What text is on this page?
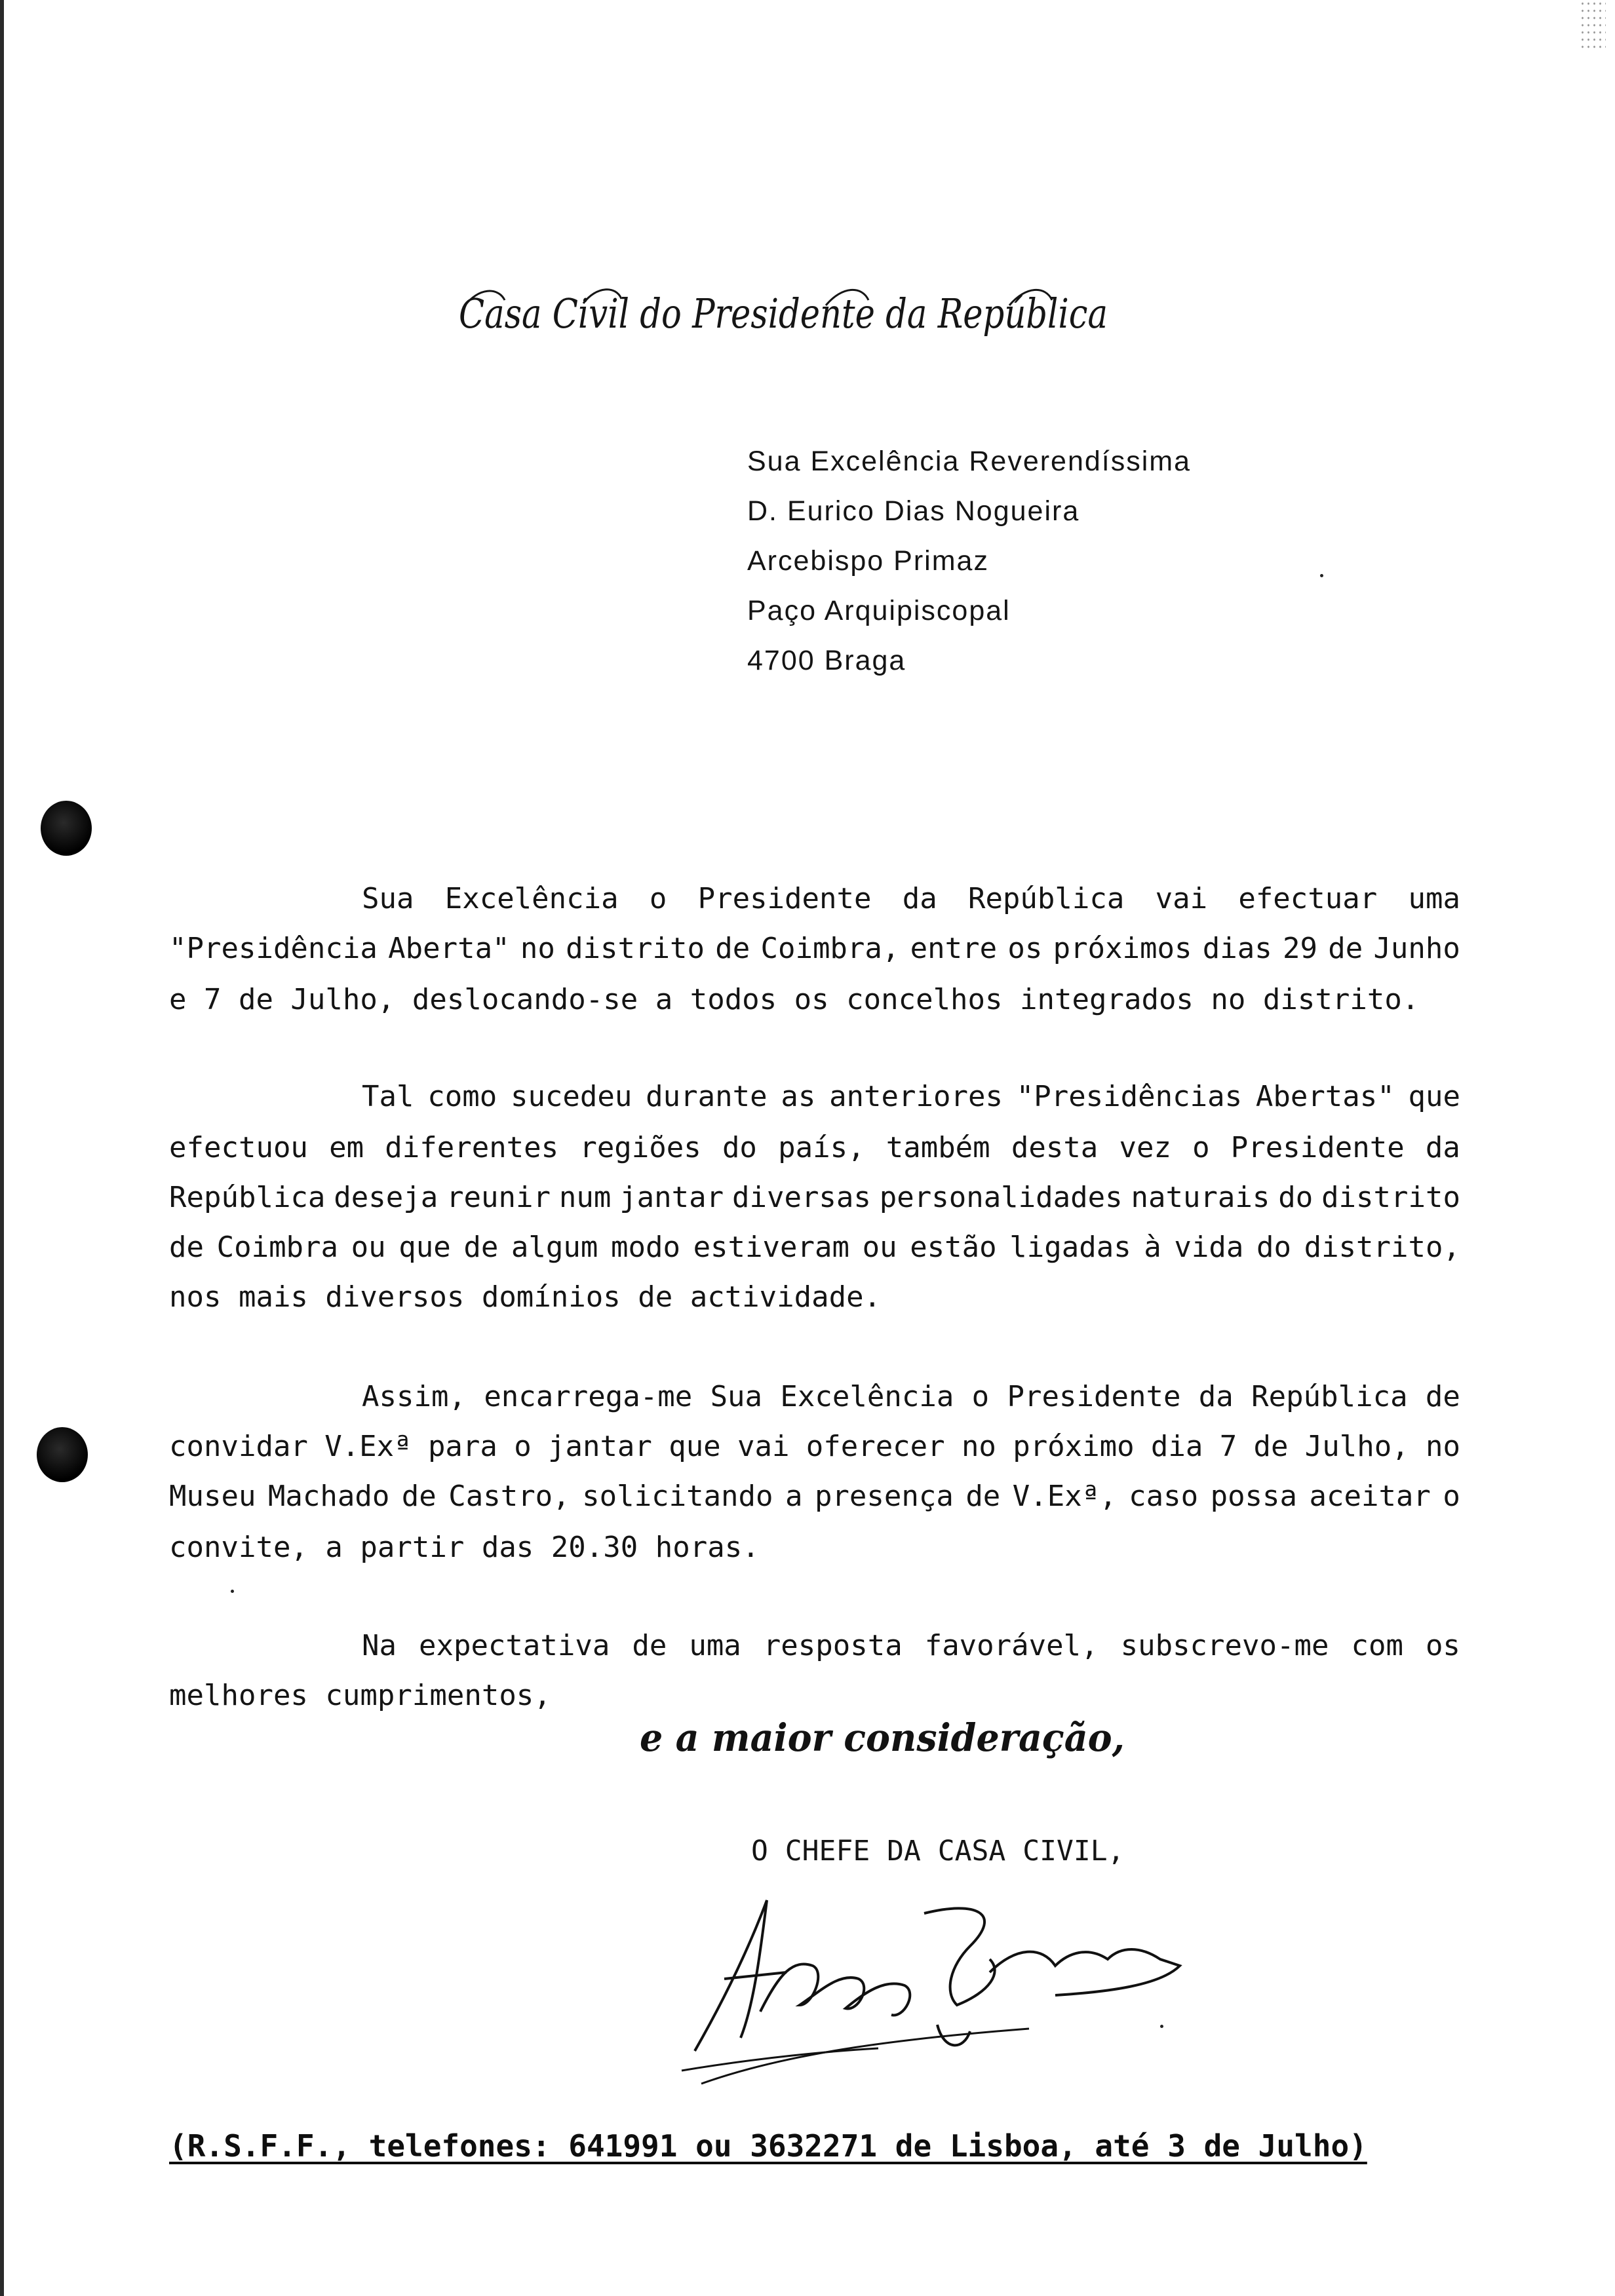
Casa Civil do Presidente da República
Sua Excelência Reverendíssima
D. Eurico Dias Nogueira
Arcebispo Primaz
Paço Arquipiscopal
4700 Braga
Sua Excelência o Presidente da República vai efectuar uma
"Presidência Aberta" no distrito de Coimbra, entre os próximos dias 29 de Junho
e 7 de Julho, deslocando-se a todos os concelhos integrados no distrito.
Tal como sucedeu durante as anteriores "Presidências Abertas" que
efectuou em diferentes regiões do país, também desta vez o Presidente da
República deseja reunir num jantar diversas personalidades naturais do distrito
de Coimbra ou que de algum modo estiveram ou estão ligadas à vida do distrito,
nos mais diversos domínios de actividade.
Assim, encarrega-me Sua Excelência o Presidente da República de
convidar V.Exª para o jantar que vai oferecer no próximo dia 7 de Julho, no
Museu Machado de Castro, solicitando a presença de V.Exª, caso possa aceitar o
convite, a partir das 20.30 horas.
Na expectativa de uma resposta favorável, subscrevo-me com os
melhores cumprimentos,
e a maior consideração,
O CHEFE DA CASA CIVIL,
(R.S.F.F., telefones: 641991 ou 3632271 de Lisboa, até 3 de Julho)
